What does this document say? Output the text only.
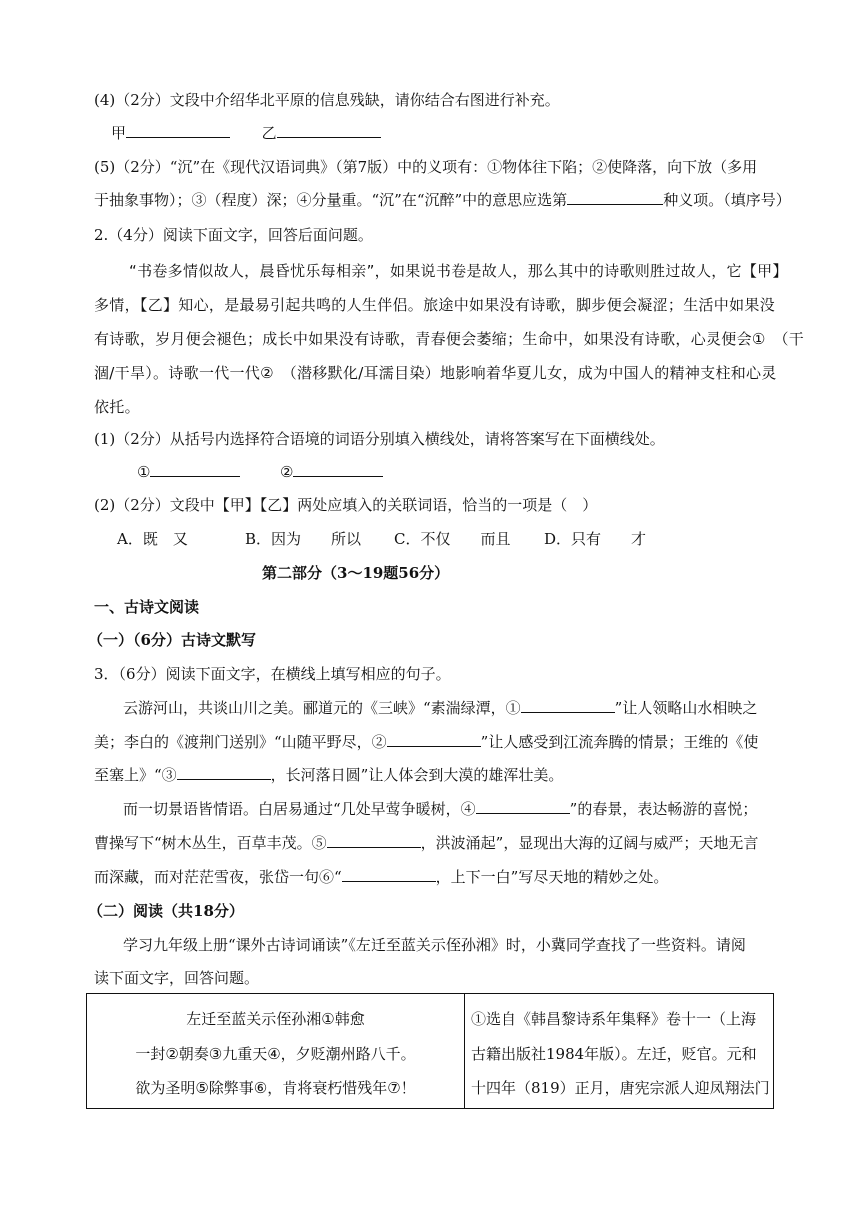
(4)（2分）文段中介绍华北平原的信息残缺，请你结合右图进行补充。
甲	乙
(5)（2分）“沉”在《现代汉语词典》（第7版）中的义项有：①物体往下陷；②使降落，向下放（多用
于抽象事物）；③（程度）深；④分量重。“沉”在“沉醉”中的意思应选第	种义项。（填序号）
2.（4分）阅读下面文字，回答后面问题。
“书卷多情似故人，晨昏忧乐每相亲”，如果说书卷是故人，那么其中的诗歌则胜过故人，它【甲】
多情，【乙】知心，是最易引起共鸣的人生伴侣。旅途中如果没有诗歌，脚步便会凝涩；生活中如果没
有诗歌，岁月便会褪色；成长中如果没有诗歌，青春便会萎缩；生命中，如果没有诗歌，心灵便会①　（干
涸/干旱）。诗歌一代一代②　（潜移默化/耳濡目染）地影响着华夏儿女，成为中国人的精神支柱和心灵
依托。
(1)（2分）从括号内选择符合语境的词语分别填入横线处，请将答案写在下面横线处。
①	②
(2)（2分）文段中【甲】【乙】两处应填入的关联词语，恰当的一项是（　）
A．既　又	B．因为　　所以 C．不仅　　而且 D．只有　　才
第二部分（3～19题56分）
一、古诗文阅读
（一）（6分）古诗文默写
3．（6分）阅读下面文字，在横线上填写相应的句子。
云游河山，共谈山川之美。郦道元的《三峡》“素湍绿潭，①	”让人领略山水相映之
美；李白的《渡荆门送别》“山随平野尽，②	”让人感受到江流奔腾的情景；王维的《使
至塞上》“③	，长河落日圆”让人体会到大漠的雄浑壮美。
而一切景语皆情语。白居易通过“几处早莺争暖树，④	”的春景，表达畅游的喜悦；
曹操写下“树木丛生，百草丰茂。⑤	，洪波涌起”，显现出大海的辽阔与威严；天地无言
而深藏，而对茫茫雪夜，张岱一句⑥“	，上下一白”写尽天地的精妙之处。
（二）阅读（共18分）
学习九年级上册“课外古诗词诵读”《左迁至蓝关示侄孙湘》时，小冀同学查找了一些资料。请阅
读下面文字，回答问题。
左迁至蓝关示侄孙湘①韩愈
一封②朝奏③九重天④，夕贬潮州路八千。
欲为圣明⑤除弊事⑥，肯将衰朽惜残年⑦！
①选自《韩昌黎诗系年集释》卷十一（上海
古籍出版社1984年版）。左迁，贬官。元和
十四年（819）正月，唐宪宗派人迎凤翔法门
